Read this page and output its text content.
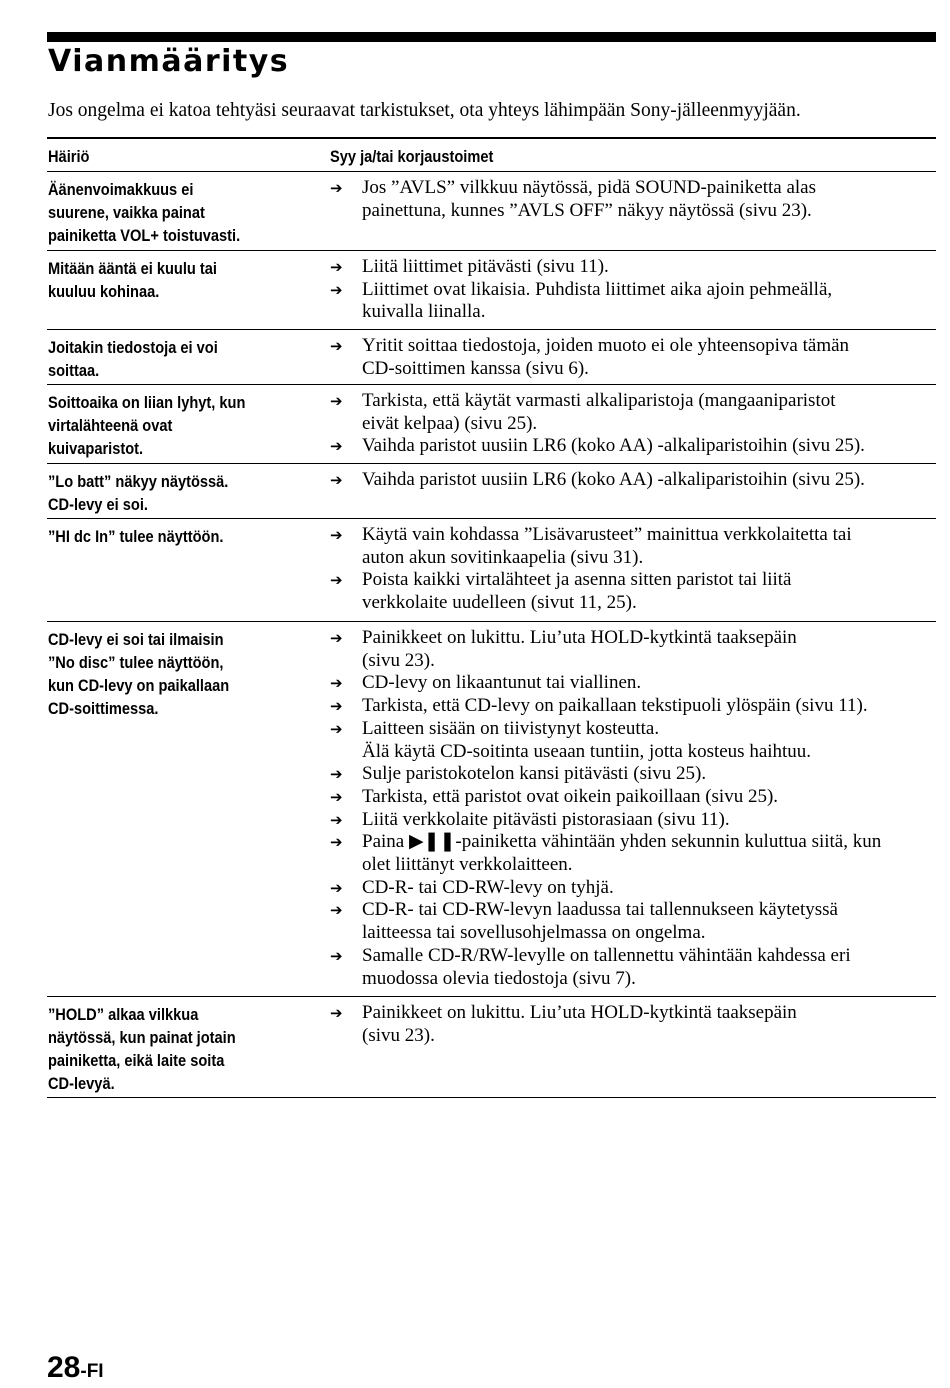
Vianmääritys
Jos ongelma ei katoa tehtyäsi seuraavat tarkistukset, ota yhteys lähimpään Sony-jälleenmyyjään.
Häiriö	Syy ja/tai korjaustoimet
Äänenvoimakkuus ei
suurene, vaikka painat
painiketta VOL+ toistuvasti.
➔ Jos ”AVLS” vilkkuu näytössä, pidä SOUND-painiketta alas
painettuna, kunnes ”AVLS OFF” näkyy näytössä (sivu 23).
Mitään ääntä ei kuulu tai
kuuluu kohinaa.
➔ Liitä liittimet pitävästi (sivu 11).
➔ Liittimet ovat likaisia. Puhdista liittimet aika ajoin pehmeällä,
kuivalla liinalla.
Joitakin tiedostoja ei voi
soittaa.
➔ Yritit soittaa tiedostoja, joiden muoto ei ole yhteensopiva tämän
CD-soittimen kanssa (sivu 6).
Soittoaika on liian lyhyt, kun
virtalähteenä ovat
kuivaparistot.
➔ Tarkista, että käytät varmasti alkaliparistoja (mangaaniparistot
eivät kelpaa) (sivu 25).
➔ Vaihda paristot uusiin LR6 (koko AA) -alkaliparistoihin (sivu 25).
”Lo batt” näkyy näytössä.
CD-levy ei soi.
➔ Vaihda paristot uusiin LR6 (koko AA) -alkaliparistoihin (sivu 25).
”HI dc In” tulee näyttöön.	➔ Käytä vain kohdassa ”Lisävarusteet” mainittua verkkolaitetta tai
auton akun sovitinkaapelia (sivu 31).
➔ Poista kaikki virtalähteet ja asenna sitten paristot tai liitä
verkkolaite uudelleen (sivut 11, 25).
CD-levy ei soi tai ilmaisin
”No disc” tulee näyttöön,
kun CD-levy on paikallaan
CD-soittimessa.
➔ Painikkeet on lukittu. Liu’uta HOLD-kytkintä taaksepäin
(sivu 23).
➔ CD-levy on likaantunut tai viallinen.
➔ Tarkista, että CD-levy on paikallaan tekstipuoli ylöspäin (sivu 11).
➔ Laitteen sisään on tiivistynyt kosteutta.
Älä käytä CD-soitinta useaan tuntiin, jotta kosteus haihtuu.
➔ Sulje paristokotelon kansi pitävästi (sivu 25).
➔ Tarkista, että paristot ovat oikein paikoillaan (sivu 25).
➔ Liitä verkkolaite pitävästi pistorasiaan (sivu 11).
➔ Paina ▶❚❚-painiketta vähintään yhden sekunnin kuluttua siitä, kun
olet liittänyt verkkolaitteen.
➔ CD-R- tai CD-RW-levy on tyhjä.
➔ CD-R- tai CD-RW-levyn laadussa tai tallennukseen käytetyssä
laitteessa tai sovellusohjelmassa on ongelma.
➔ Samalle CD-R/RW-levylle on tallennettu vähintään kahdessa eri
muodossa olevia tiedostoja (sivu 7).
”HOLD” alkaa vilkkua
näytössä, kun painat jotain
painiketta, eikä laite soita
CD-levyä.
➔ Painikkeet on lukittu. Liu’uta HOLD-kytkintä taaksepäin
(sivu 23).
28-FI
